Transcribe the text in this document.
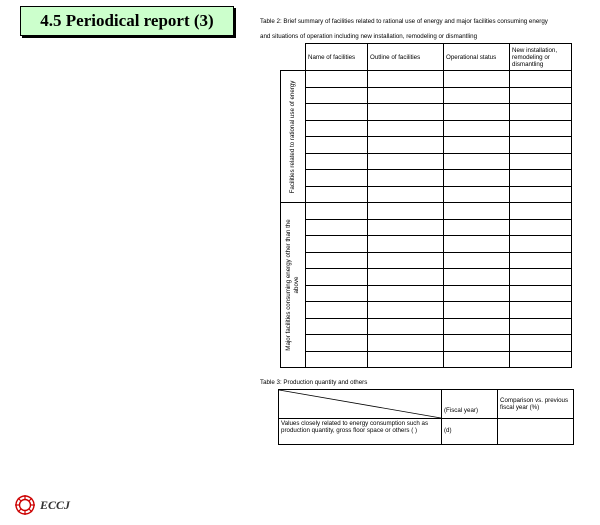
4.5 Periodical report (3)	Table 2: Brief summary of facilities related to rational use of energy and major facilities consuming energy
and situations of operation including new installation, remodeling or dismantling
	Name of facilities	Outline of facilities	Operational status	New installation, remodeling or dismantling

Facilities related to rational use of energy				

Major facilities consuming energy other than the above				

Table 3: Production quantity and others
	(Fiscal year)	Comparison vs. previous fiscal year (%)
Values closely related to energy consumption such as production quantity, gross floor space or others ( )	(d)	
ECCJ
